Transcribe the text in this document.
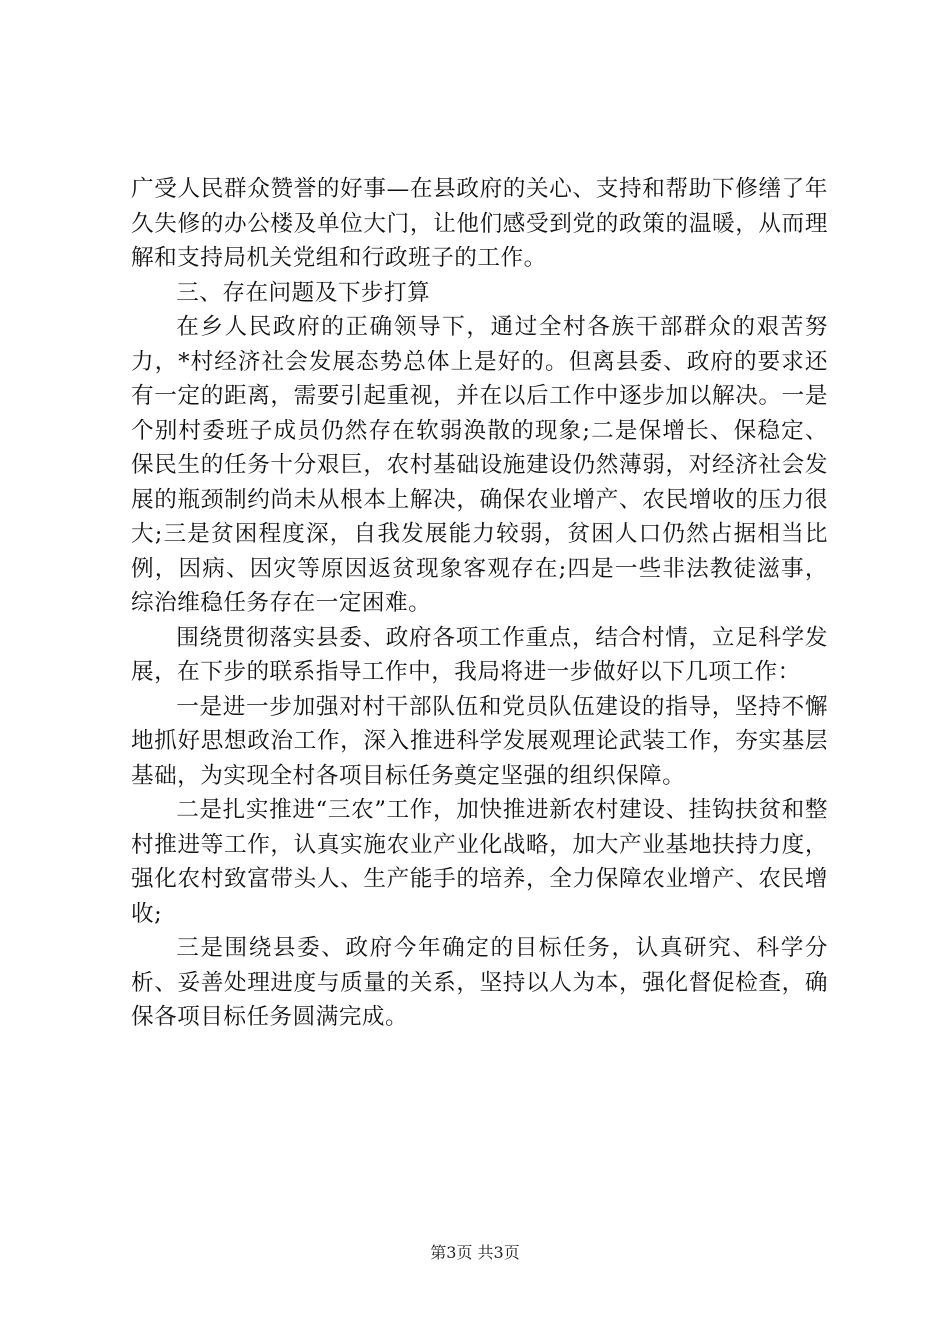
广受人民群众赞誉的好事—在县政府的关心、支持和帮助下修缮了年久失修的办公楼及单位大门，让他们感受到党的政策的温暖，从而理解和支持局机关党组和行政班子的工作。

三、存在问题及下步打算

在乡人民政府的正确领导下，通过全村各族干部群众的艰苦努力，*村经济社会发展态势总体上是好的。但离县委、政府的要求还有一定的距离，需要引起重视，并在以后工作中逐步加以解决。一是个别村委班子成员仍然存在软弱涣散的现象;二是保增长、保稳定、保民生的任务十分艰巨，农村基础设施建设仍然薄弱，对经济社会发展的瓶颈制约尚未从根本上解决，确保农业增产、农民增收的压力很大;三是贫困程度深，自我发展能力较弱，贫困人口仍然占据相当比例，因病、因灾等原因返贫现象客观存在;四是一些非法教徒滋事，综治维稳任务存在一定困难。

围绕贯彻落实县委、政府各项工作重点，结合村情，立足科学发展，在下步的联系指导工作中，我局将进一步做好以下几项工作：

一是进一步加强对村干部队伍和党员队伍建设的指导，坚持不懈地抓好思想政治工作，深入推进科学发展观理论武装工作，夯实基层基础，为实现全村各项目标任务奠定坚强的组织保障。

二是扎实推进“三农”工作，加快推进新农村建设、挂钩扶贫和整村推进等工作，认真实施农业产业化战略，加大产业基地扶持力度，强化农村致富带头人、生产能手的培养，全力保障农业增产、农民增收;

三是围绕县委、政府今年确定的目标任务，认真研究、科学分析、妥善处理进度与质量的关系，坚持以人为本，强化督促检查，确保各项目标任务圆满完成。

第3页 共3页
